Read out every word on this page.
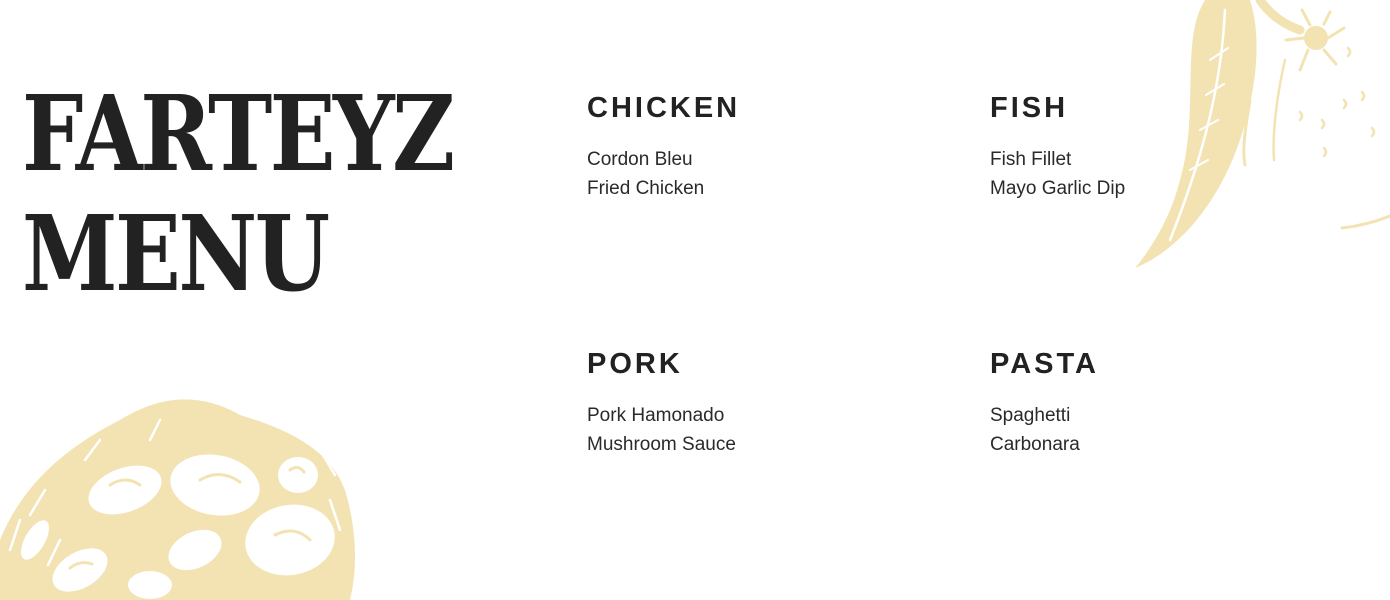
FARTEYZ
MENU
CHICKEN
Cordon Bleu
Fried Chicken
FISH
Fish Fillet
Mayo Garlic Dip
PORK
Pork Hamonado
Mushroom Sauce
PASTA
Spaghetti
Carbonara
